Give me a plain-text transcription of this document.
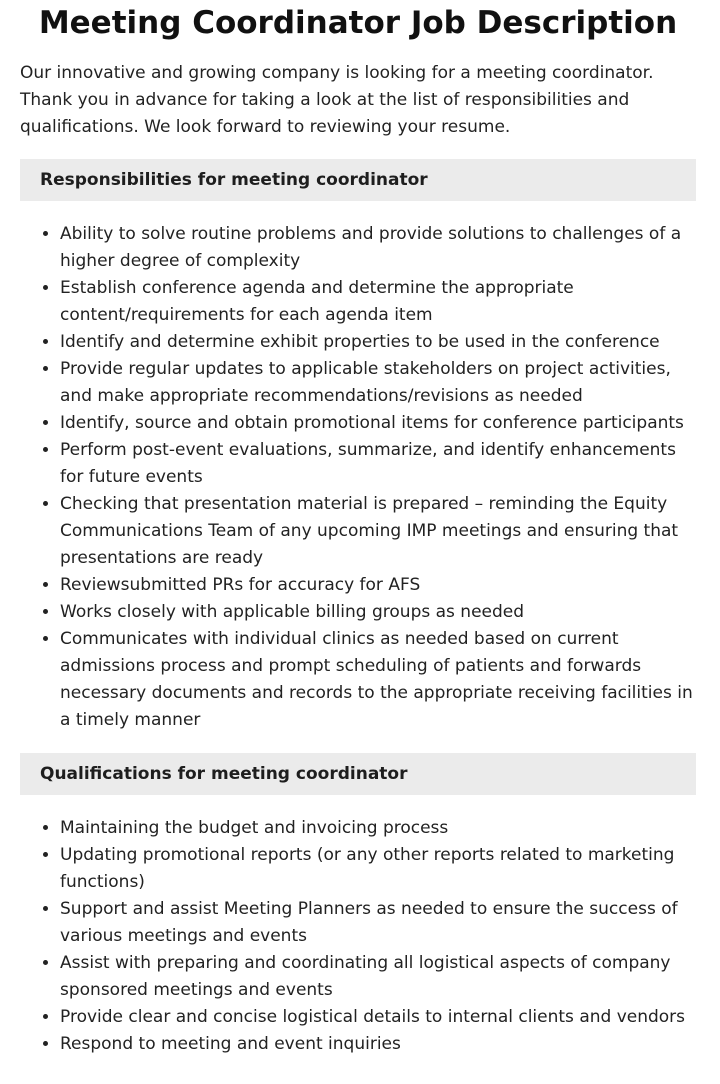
Meeting Coordinator Job Description

Our innovative and growing company is looking for a meeting coordinator. Thank you in advance for taking a look at the list of responsibilities and qualifications. We look forward to reviewing your resume.

Responsibilities for meeting coordinator
• Ability to solve routine problems and provide solutions to challenges of a higher degree of complexity
• Establish conference agenda and determine the appropriate content/requirements for each agenda item
• Identify and determine exhibit properties to be used in the conference
• Provide regular updates to applicable stakeholders on project activities, and make appropriate recommendations/revisions as needed
• Identify, source and obtain promotional items for conference participants
• Perform post-event evaluations, summarize, and identify enhancements for future events
• Checking that presentation material is prepared – reminding the Equity Communications Team of any upcoming IMP meetings and ensuring that presentations are ready
• Reviewsubmitted PRs for accuracy for AFS
• Works closely with applicable billing groups as needed
• Communicates with individual clinics as needed based on current admissions process and prompt scheduling of patients and forwards necessary documents and records to the appropriate receiving facilities in a timely manner
Qualifications for meeting coordinator
• Maintaining the budget and invoicing process
• Updating promotional reports (or any other reports related to marketing functions)
• Support and assist Meeting Planners as needed to ensure the success of various meetings and events
• Assist with preparing and coordinating all logistical aspects of company sponsored meetings and events
• Provide clear and concise logistical details to internal clients and vendors
• Respond to meeting and event inquiries
